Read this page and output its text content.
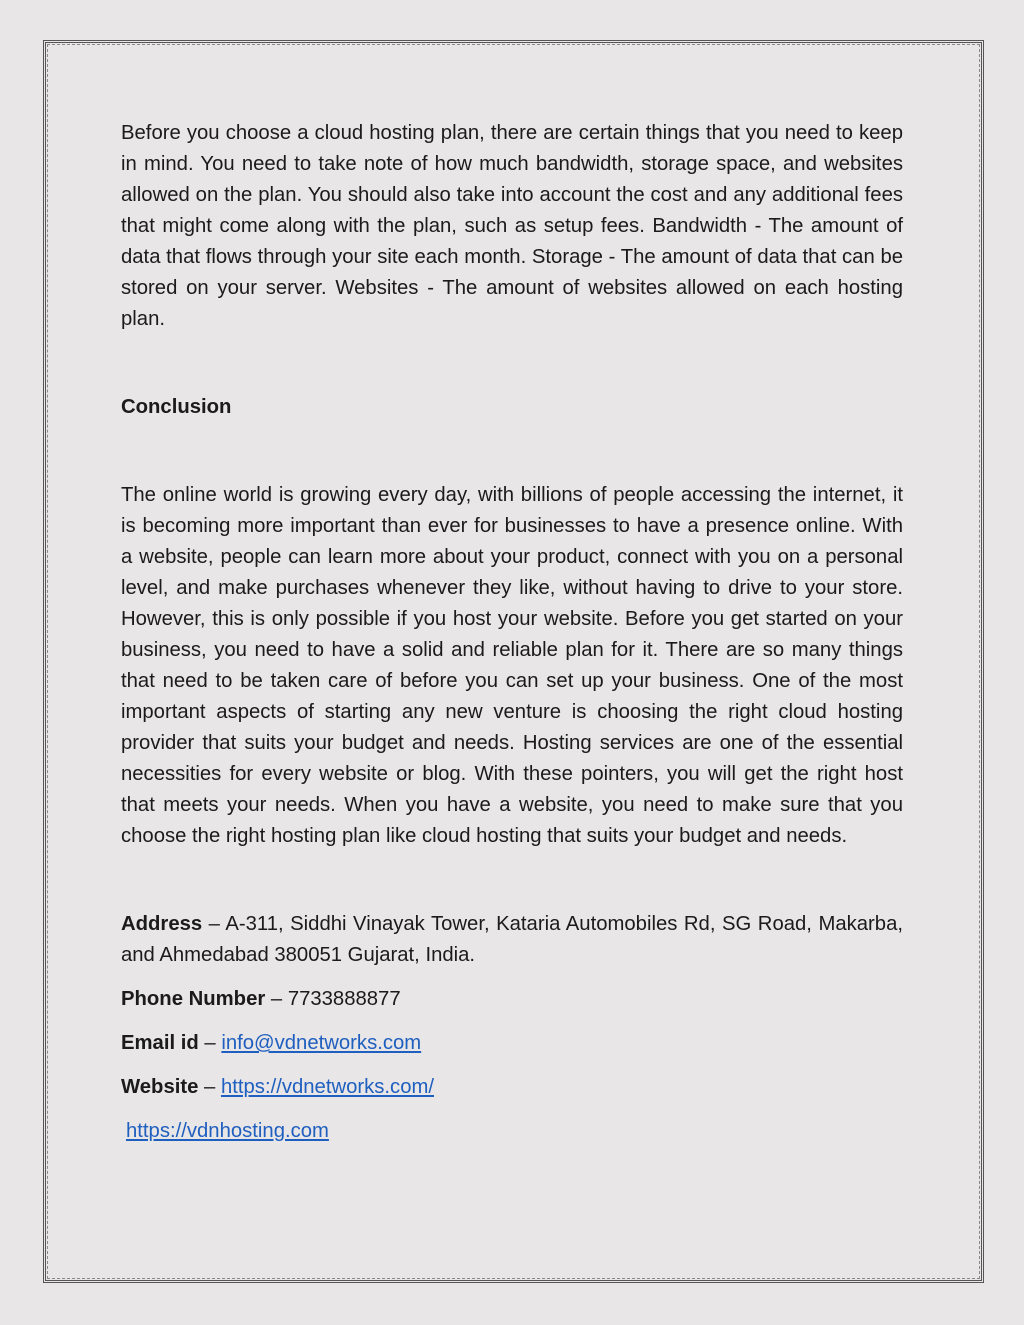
Before you choose a cloud hosting plan, there are certain things that you need to keep in mind. You need to take note of how much bandwidth, storage space, and websites allowed on the plan. You should also take into account the cost and any additional fees that might come along with the plan, such as setup fees. Bandwidth - The amount of data that flows through your site each month. Storage - The amount of data that can be stored on your server. Websites - The amount of websites allowed on each hosting plan.

Conclusion

The online world is growing every day, with billions of people accessing the internet, it is becoming more important than ever for businesses to have a presence online. With a website, people can learn more about your product, connect with you on a personal level, and make purchases whenever they like, without having to drive to your store. However, this is only possible if you host your website. Before you get started on your business, you need to have a solid and reliable plan for it. There are so many things that need to be taken care of before you can set up your business. One of the most important aspects of starting any new venture is choosing the right cloud hosting provider that suits your budget and needs. Hosting services are one of the essential necessities for every website or blog. With these pointers, you will get the right host that meets your needs. When you have a website, you need to make sure that you choose the right hosting plan like cloud hosting that suits your budget and needs.

Address – A-311, Siddhi Vinayak Tower, Kataria Automobiles Rd, SG Road, Makarba, and Ahmedabad 380051 Gujarat, India.

Phone Number – 7733888877

Email id – info@vdnetworks.com

Website – https://vdnetworks.com/

https://vdnhosting.com
